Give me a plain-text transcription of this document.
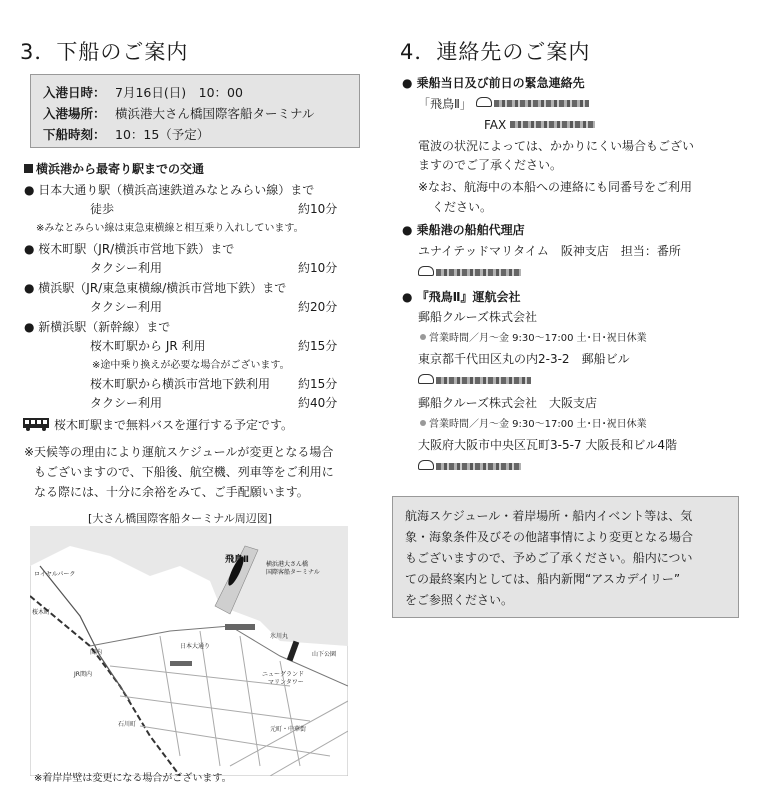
3．下船のご案内
入港日時： 7月16日(日)　10：00
入港場所： 横浜港大さん橋国際客船ターミナル
下船時刻： 10：15（予定）
横浜港から最寄り駅までの交通
● 日本大通り駅（横浜高速鉄道みなとみらい線）まで
徒歩	約10分
※みなとみらい線は東急東横線と相互乗り入れしています。
● 桜木町駅（JR/横浜市営地下鉄）まで
タクシー利用	約10分
● 横浜駅（JR/東急東横線/横浜市営地下鉄）まで
タクシー利用	約20分
● 新横浜駅（新幹線）まで
桜木町駅から JR 利用	約15分
※途中乗り換えが必要な場合がございます。
桜木町駅から横浜市営地下鉄利用 約15分
タクシー利用	約40分
桜木町駅まで無料バスを運行する予定です。
※天候等の理由により運航スケジュールが変更となる場合
もございますので、下船後、航空機、列車等をご利用に
なる際には、十分に余裕をみて、ご手配願います。
[大さん橋国際客船ターミナル周辺図]
飛鳥Ⅱ	横浜港大さん橋
国際客船ターミナル
ロイヤルパーク
桜木町
JR関内
関内
石川町
氷川丸
山下公園
日本大通り
ニューグランド
マリンタワー
元町・中華街
※着岸岸壁は変更になる場合がございます。
4．連絡先のご案内
● 乗船当日及び前日の緊急連絡先
「飛鳥Ⅱ」
FAX
電波の状況によっては、かかりにくい場合もござい
ますのでご了承ください。
※なお、航海中の本船への連絡にも同番号をご利用
ください。
● 乗船港の船舶代理店
ユナイテッドマリタイム　阪神支店　担当：番所
● 『飛鳥Ⅱ』運航会社
郵船クルーズ株式会社
営業時間／月～金 9:30～17:00 土･日･祝日休業
東京都千代田区丸の内2-3-2　郵船ビル
郵船クルーズ株式会社　大阪支店
営業時間／月～金 9:30～17:00 土･日･祝日休業
大阪府大阪市中央区瓦町3-5-7 大阪長和ビル4階
航海スケジュール・着岸場所・船内イベント等は、気
象・海象条件及びその他諸事情により変更となる場合
もございますので、予めご了承ください。船内につい
ての最終案内としては、船内新聞“アスカデイリー”
をご参照ください。
